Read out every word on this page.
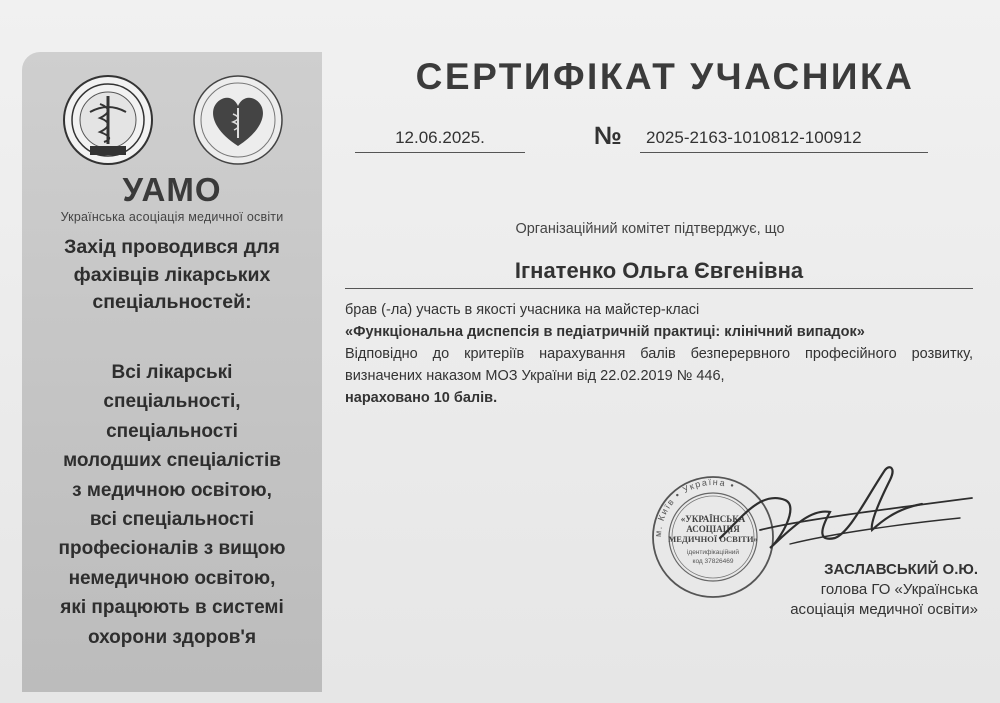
УАМО
Українська асоціація медичної освіти
Захід проводився для
фахівців лікарських
спеціальностей:
Всі лікарські
спеціальності,
спеціальності
молодших спеціалістів
з медичною освітою,
всі спеціальності
професіоналів з вищою
немедичною освітою,
які працюють в системі
охорони здоров'я
СЕРТИФІКАТ УЧАСНИКА
12.06.2025.	№	2025-2163-1010812-100912
Організаційний комітет підтверджує, що
Ігнатенко Ольга Євгенівна
брав (-ла) участь в якості учасника на майстер-класі
«Функціональна диспепсія в педіатричній практиці: клінічний випадок»
Відповідно до критеріїв нарахування балів безперервного професійного розвитку, визначених наказом МОЗ України від 22.02.2019 № 446,
нараховано 10 балів.
м. Київ • Україна •
«УКРАЇНСЬКА
АСОЦІАЦІЯ
МЕДИЧНОЇ ОСВІТИ»
ідентифікаційний
код 37826469	ЗАСЛАВСЬКИЙ О.Ю.
голова ГО «Українська
асоціація медичної освіти»
